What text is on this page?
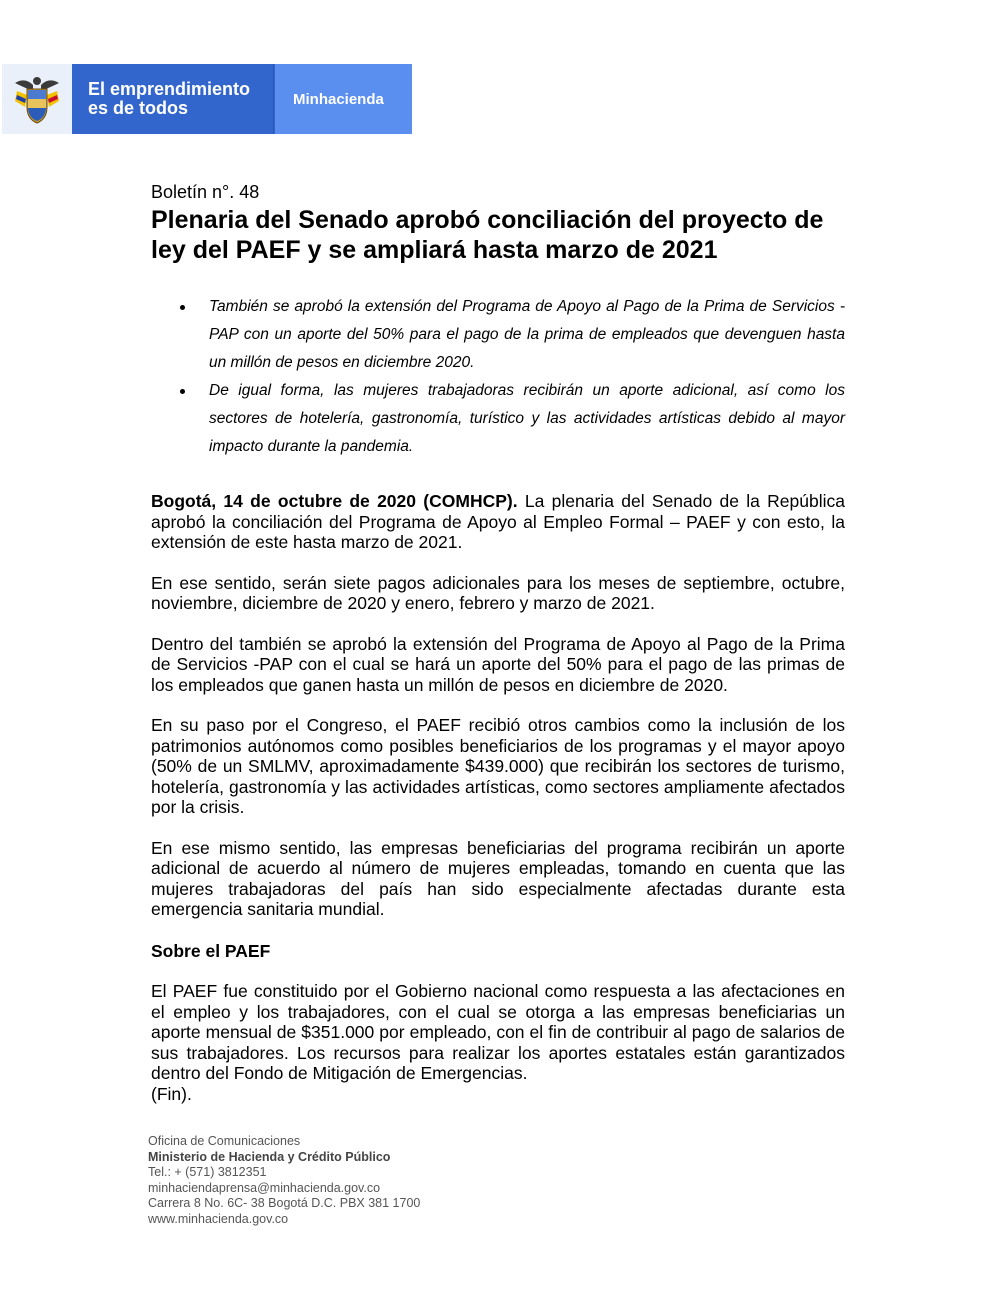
El emprendimiento
es de todos	Minhacienda
Boletín n°. 48
Plenaria del Senado aprobó conciliación del proyecto de ley del PAEF y se ampliará hasta marzo de 2021
También se aprobó la extensión del Programa de Apoyo al Pago de la Prima de Servicios - PAP con un aporte del 50% para el pago de la prima de empleados que devenguen hasta un millón de pesos en diciembre 2020.
De igual forma, las mujeres trabajadoras recibirán un aporte adicional, así como los sectores de hotelería, gastronomía, turístico y las actividades artísticas debido al mayor impacto durante la pandemia.

Bogotá, 14 de octubre de 2020 (COMHCP). La plenaria del Senado de la República aprobó la conciliación del Programa de Apoyo al Empleo Formal – PAEF y con esto, la extensión de este hasta marzo de 2021.

En ese sentido, serán siete pagos adicionales para los meses de septiembre, octubre, noviembre, diciembre de 2020 y enero, febrero y marzo de 2021.

Dentro del también se aprobó la extensión del Programa de Apoyo al Pago de la Prima de Servicios -PAP con el cual se hará un aporte del 50% para el pago de las primas de los empleados que ganen hasta un millón de pesos en diciembre de 2020.

En su paso por el Congreso, el PAEF recibió otros cambios como la inclusión de los patrimonios autónomos como posibles beneficiarios de los programas y el mayor apoyo (50% de un SMLMV, aproximadamente $439.000) que recibirán los sectores de turismo, hotelería, gastronomía y las actividades artísticas, como sectores ampliamente afectados por la crisis.

En ese mismo sentido, las empresas beneficiarias del programa recibirán un aporte adicional de acuerdo al número de mujeres empleadas, tomando en cuenta que las mujeres trabajadoras del país han sido especialmente afectadas durante esta emergencia sanitaria mundial.

Sobre el PAEF

El PAEF fue constituido por el Gobierno nacional como respuesta a las afectaciones en el empleo y los trabajadores, con el cual se otorga a las empresas beneficiarias un aporte mensual de $351.000 por empleado, con el fin de contribuir al pago de salarios de sus trabajadores. Los recursos para realizar los aportes estatales están garantizados dentro del Fondo de Mitigación de Emergencias.

(Fin).

Oficina de Comunicaciones
Ministerio de Hacienda y Crédito Público
Tel.: + (571) 3812351
minhaciendaprensa@minhacienda.gov.co
Carrera 8 No. 6C- 38 Bogotá D.C. PBX 381 1700
www.minhacienda.gov.co
